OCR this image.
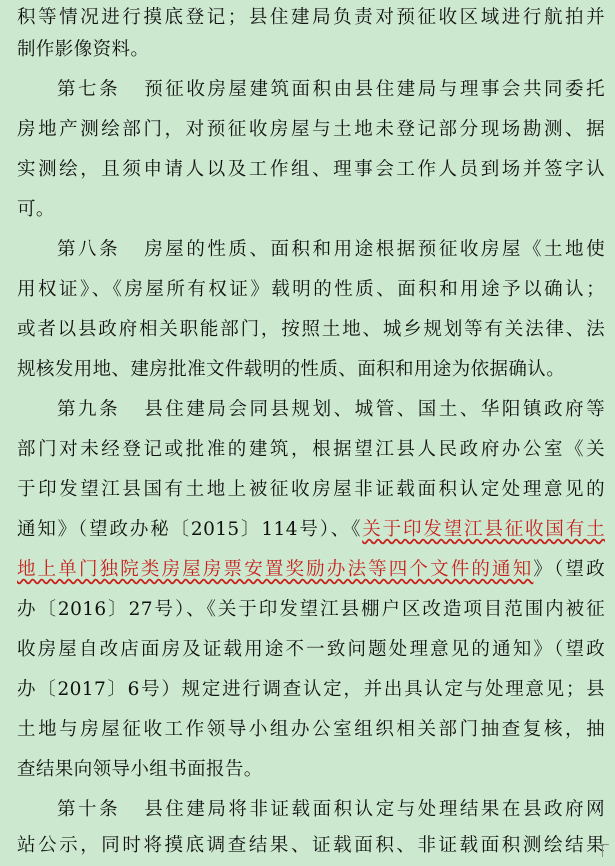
积等情况进行摸底登记；县住建局负责对预征收区域进行航拍并
制作影像资料。
第七条 预征收房屋建筑面积由县住建局与理事会共同委托
房地产测绘部门，对预征收房屋与土地未登记部分现场勘测、据
实测绘，且须申请人以及工作组、理事会工作人员到场并签字认
可。
第八条 房屋的性质、面积和用途根据预征收房屋《土地使
用权证》、《房屋所有权证》载明的性质、面积和用途予以确认；
或者以县政府相关职能部门，按照土地、城乡规划等有关法律、法
规核发用地、建房批准文件载明的性质、面积和用途为依据确认。
第九条 县住建局会同县规划、城管、国土、华阳镇政府等
部门对未经登记或批准的建筑，根据望江县人民政府办公室《关
于印发望江县国有土地上被征收房屋非证载面积认定处理意见的
通知》（望政办秘〔2015〕114号）、《关于印发望江县征收国有土
地上单门独院类房屋房票安置奖励办法等四个文件的通知》（望政
办〔2016〕27号）、《关于印发望江县棚户区改造项目范围内被征
收房屋自改店面房及证载用途不一致问题处理意见的通知》（望政
办〔2017〕6号）规定进行调查认定，并出具认定与处理意见；县
土地与房屋征收工作领导小组办公室组织相关部门抽查复核，抽
查结果向领导小组书面报告。
第十条 县住建局将非证载面积认定与处理结果在县政府网
站公示，同时将摸底调查结果、证载面积、非证载面积测绘结果
